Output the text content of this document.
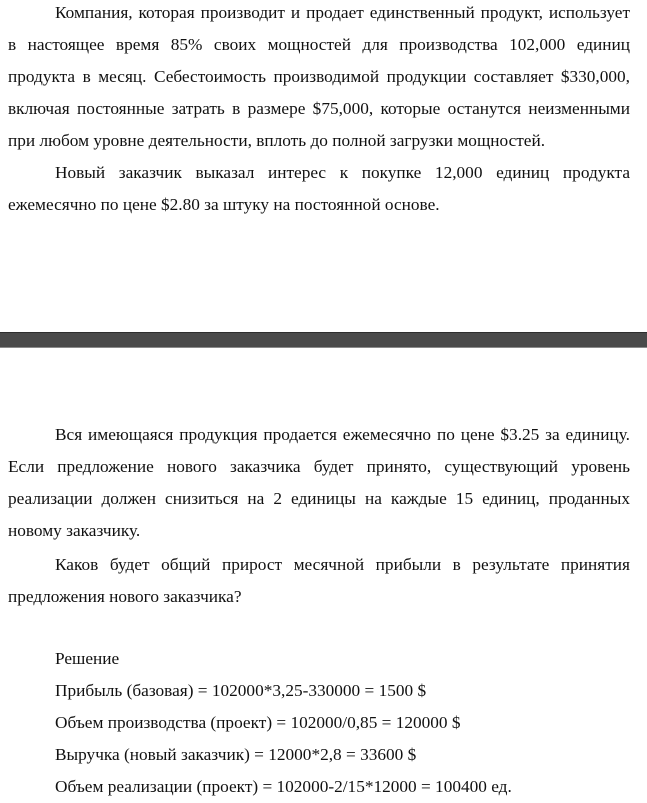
Компания, которая производит и продает единственный продукт, использует в настоящее время 85% своих мощностей для производства 102,000 единиц продукта в месяц. Себестоимость производимой продукции составляет $330,000, включая постоянные затрать в размере $75,000, которые останутся неизменными при любом уровне деятельности, вплоть до полной загрузки мощностей.

Новый заказчик выказал интерес к покупке 12,000 единиц продукта ежемесячно по цене $2.80 за штуку на постоянной основе.

Вся имеющаяся продукция продается ежемесячно по цене $3.25 за единицу. Если предложение нового заказчика будет принято, существующий уровень реализации должен снизиться на 2 единицы на каждые 15 единиц, проданных новому заказчику.

Каков будет общий прирост месячной прибыли в результате принятия предложения нового заказчика?

Решение
Прибыль (базовая) = 102000*3,25-330000 = 1500 $
Объем производства (проект) = 102000/0,85 = 120000 $
Выручка (новый заказчик) = 12000*2,8 = 33600 $
Объем реализации (проект) = 102000-2/15*12000 = 100400 ед.
